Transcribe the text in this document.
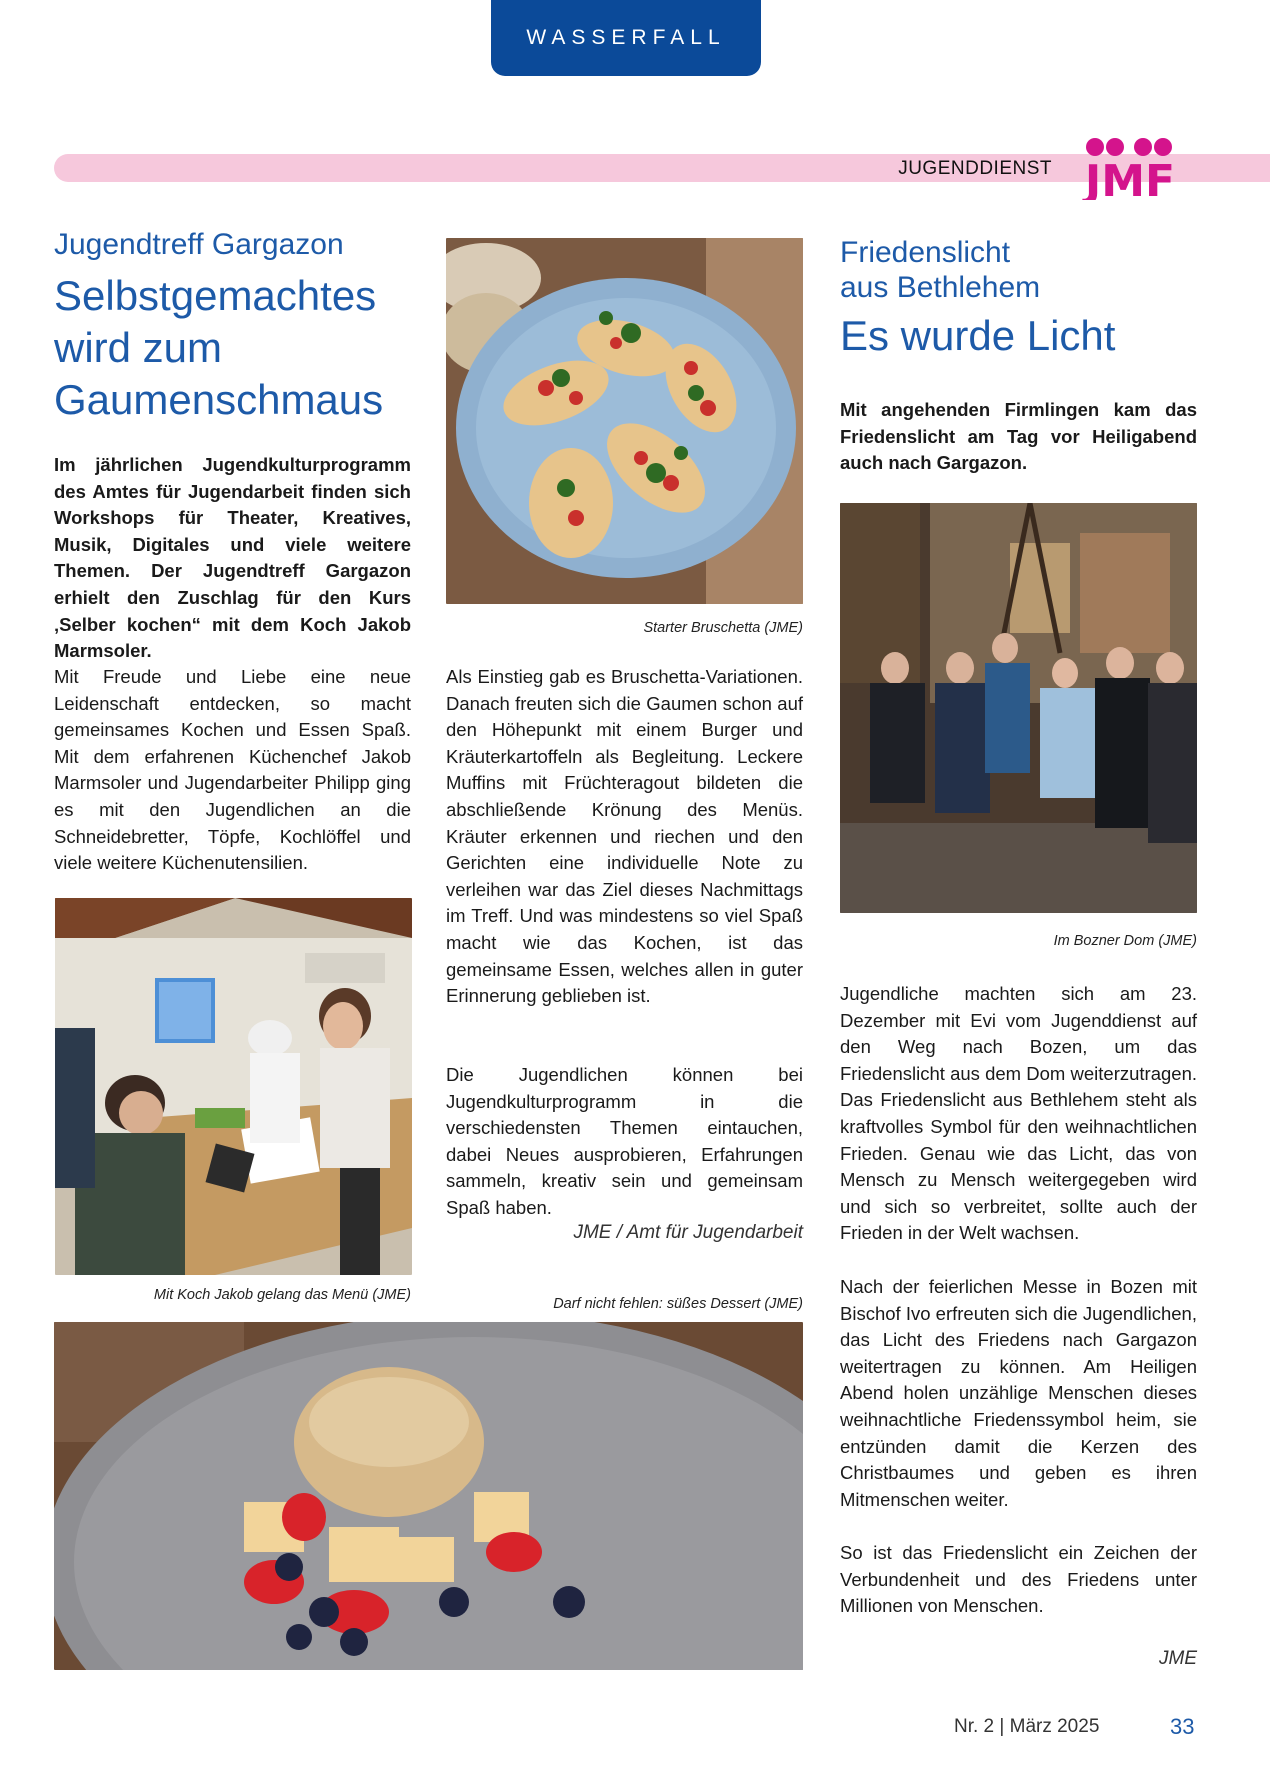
WASSERFALL
JUGENDDIENST JMF
Jugendtreff Gargazon
Selbstgemachtes
wird zum
Gaumenschmaus
Im jährlichen Jugendkulturprogramm des Amtes für Jugendarbeit finden sich Workshops für Theater, Kreatives, Musik, Digitales und viele weitere Themen. Der Jugendtreff Gargazon erhielt den Zuschlag für den Kurs ‚Selber kochen“ mit dem Koch Jakob Marmsoler.
Mit Freude und Liebe eine neue Leidenschaft entdecken, so macht gemeinsames Kochen und Essen Spaß. Mit dem erfahrenen Küchenchef Jakob Marmsoler und Jugendarbeiter Philipp ging es mit den Jugendlichen an die Schneidebretter, Töpfe, Kochlöffel und viele weitere Küchenutensilien.
Mit Koch Jakob gelang das Menü (JME)
Starter Bruschetta (JME)
Als Einstieg gab es Bruschetta-Variationen. Danach freuten sich die Gaumen schon auf den Höhepunkt mit einem Burger und Kräuterkartoffeln als Begleitung. Leckere Muffins mit Früchteragout bildeten die abschließende Krönung des Menüs. Kräuter erkennen und riechen und den Gerichten eine individuelle Note zu verleihen war das Ziel dieses Nachmittags im Treff. Und was mindestens so viel Spaß macht wie das Kochen, ist das gemeinsame Essen, welches allen in guter Erinnerung geblieben ist.
Die Jugendlichen können bei Jugendkulturprogramm in die verschiedensten Themen eintauchen, dabei Neues ausprobieren, Erfahrungen sammeln, kreativ sein und gemeinsam Spaß haben.
JME / Amt für Jugendarbeit
Darf nicht fehlen: süßes Dessert (JME)
Friedenslicht
aus Bethlehem
Es wurde Licht
Mit angehenden Firmlingen kam das Friedenslicht am Tag vor Heiligabend auch nach Gargazon.
Im Bozner Dom (JME)
Jugendliche machten sich am 23. Dezember mit Evi vom Jugenddienst auf den Weg nach Bozen, um das Friedenslicht aus dem Dom weiterzutragen. Das Friedenslicht aus Bethlehem steht als kraftvolles Symbol für den weihnachtlichen Frieden. Genau wie das Licht, das von Mensch zu Mensch weitergegeben wird und sich so verbreitet, sollte auch der Frieden in der Welt wachsen.
Nach der feierlichen Messe in Bozen mit Bischof Ivo erfreuten sich die Jugendlichen, das Licht des Friedens nach Gargazon weitertragen zu können. Am Heiligen Abend holen unzählige Menschen dieses weihnachtliche Friedenssymbol heim, sie entzünden damit die Kerzen des Christbaumes und geben es ihren Mitmenschen weiter.
So ist das Friedenslicht ein Zeichen der Verbundenheit und des Friedens unter Millionen von Menschen.
JME
Nr. 2 | März 2025	33
